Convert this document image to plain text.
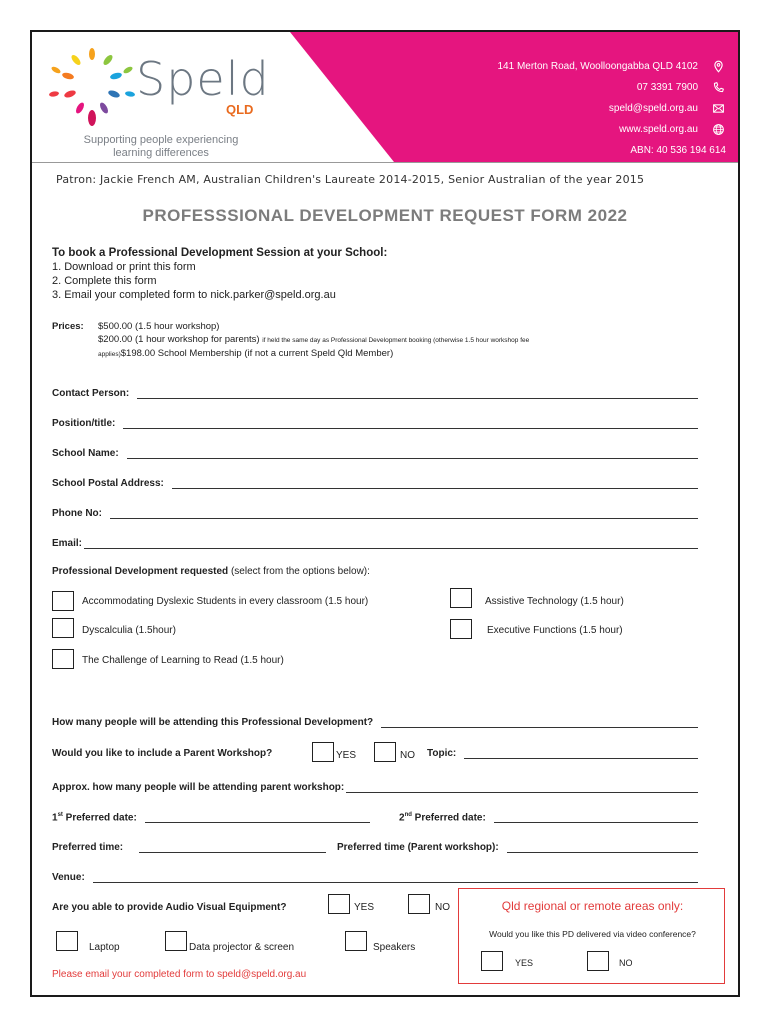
Speld
QLD
Supporting people experiencing
learning differences
141 Merton Road, Woolloongabba QLD 4102
07 3391 7900
speld@speld.org.au
www.speld.org.au
ABN: 40 536 194 614
Patron: Jackie French AM, Australian Children's Laureate 2014-2015, Senior Australian of the year 2015
PROFESSSIONAL DEVELOPMENT REQUEST FORM 2022
To book a Professional Development Session at your School:
1. Download or print this form
2. Complete this form
3. Email your completed form to nick.parker@speld.org.au
Prices: $500.00 (1.5 hour workshop)
$200.00 (1 hour workshop for parents) if held the same day as Professional Development booking (otherwise 1.5 hour workshop fee
applies)$198.00 School Membership (if not a current Speld Qld Member)
Contact Person:
Position/title:
School Name:
School Postal Address:
Phone No:
Email:
Professional Development requested (select from the options below):
Accommodating Dyslexic Students in every classroom (1.5 hour)	Assistive Technology (1.5 hour)
Dyscalculia (1.5hour)	Executive Functions (1.5 hour)
The Challenge of Learning to Read (1.5 hour)
How many people will be attending this Professional Development?
Would you like to include a Parent Workshop?	YES	NO Topic:
Approx. how many people will be attending parent workshop:
1st Preferred date:	2nd Preferred date:
Preferred time:	Preferred time (Parent workshop):
Venue:
Are you able to provide Audio Visual Equipment?	YES	NO
Laptop	Data projector & screen	Speakers
Qld regional or remote areas only:
Would you like this PD delivered via video conference?
YES	NO
Please email your completed form to speld@speld.org.au
